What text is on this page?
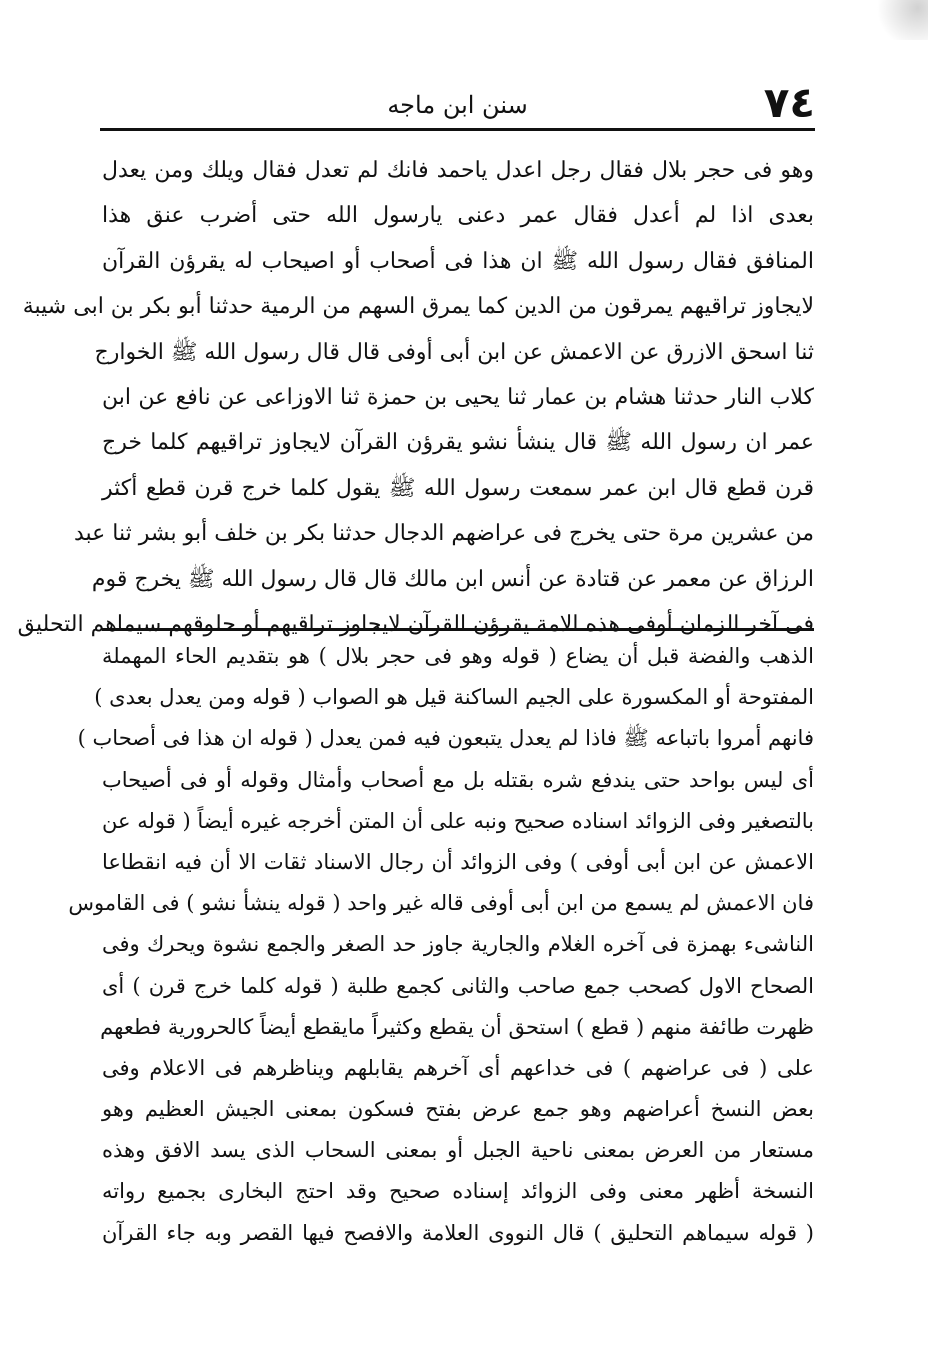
٧٤
سنن ابن ماجه
وهو فى حجر بلال فقال رجل اعدل ياحمد فانك لم تعدل فقال ويلك ومن يعدل
بعدى اذا لم أعدل فقال عمر دعنى يارسول الله حتى أضرب عنق هذا
المنافق فقال رسول الله ﷺ ان هذا فى أصحاب أو اصيحاب له يقرؤن القرآن
لايجاوز تراقيهم يمرقون من الدين كما يمرق السهم من الرمية حدثنا أبو بكر بن ابى شيبة
ثنا اسحق الازرق عن الاعمش عن ابن أبى أوفى قال قال رسول الله ﷺ الخوارج
كلاب النار حدثنا هشام بن عمار ثنا يحيى بن حمزة ثنا الاوزاعى عن نافع عن ابن
عمر ان رسول الله ﷺ قال ينشأ نشو يقرؤن القرآن لايجاوز تراقيهم كلما خرج
قرن قطع قال ابن عمر سمعت رسول الله ﷺ يقول كلما خرج قرن قطع أكثر
من عشرين مرة حتى يخرج فى عراضهم الدجال حدثنا بكر بن خلف أبو بشر ثنا عبد
الرزاق عن معمر عن قتادة عن أنس ابن مالك قال قال رسول الله ﷺ يخرج قوم
فى آخر الزمان أوفى هذه الامة يقرؤن القرآن لايجاوز تراقيهم أو حلوقهم سيماهم التحليق
الذهب والفضة قبل أن يضاع ( قوله وهو فى حجر بلال ) هو بتقديم الحاء المهملة
المفتوحة أو المكسورة على الجيم الساكنة قيل هو الصواب ( قوله ومن يعدل بعدى )
فانهم أمروا باتباعه ﷺ فاذا لم يعدل يتبعون فيه فمن يعدل ( قوله ان هذا فى أصحاب )
أى ليس بواحد حتى يندفع شره بقتله بل مع أصحاب وأمثال وقوله أو فى أصيحاب
بالتصغير وفى الزوائد اسناده صحيح ونبه على أن المتن أخرجه غيره أيضاً ( قوله عن
الاعمش عن ابن أبى أوفى ) وفى الزوائد أن رجال الاسناد ثقات الا أن فيه انقطاعا
فان الاعمش لم يسمع من ابن أبى أوفى قاله غير واحد ( قوله ينشأ نشو ) فى القاموس
الناشىء بهمزة فى آخره الغلام والجارية جاوز حد الصغر والجمع نشوة ويحرك وفى
الصحاح الاول كصحب جمع صاحب والثانى كجمع طلبة ( قوله كلما خرج قرن ) أى
ظهرت طائفة منهم ( قطع ) استحق أن يقطع وكثيراً مايقطع أيضاً كالحرورية فطعهم
على ( فى عراضهم ) فى خداعهم أى آخرهم يقابلهم ويناظرهم فى الاعلام وفى
بعض النسخ أعراضهم وهو جمع عرض بفتح فسكون بمعنى الجيش العظيم وهو
مستعار من العرض بمعنى ناحية الجبل أو بمعنى السحاب الذى يسد الافق وهذه
النسخة أظهر معنى وفى الزوائد إسناده صحيح وقد احتج البخارى بجميع رواته
( قوله سيماهم التحليق ) قال النووى العلامة والافصح فيها القصر وبه جاء القرآن
